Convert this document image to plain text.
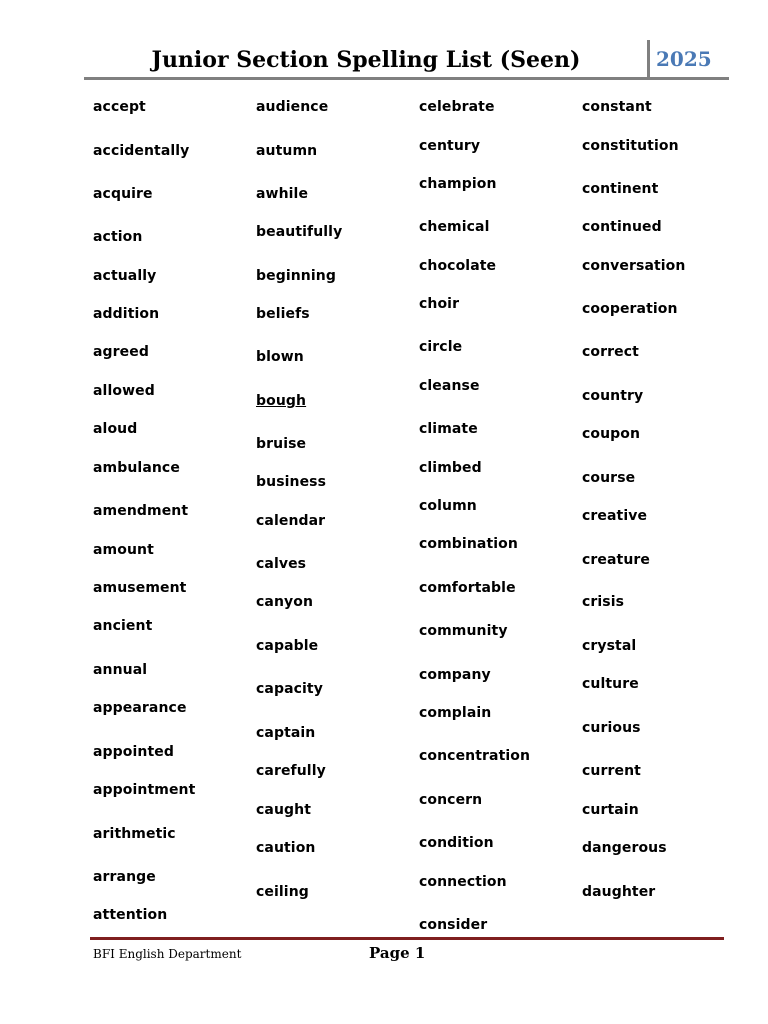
Junior Section Spelling List (Seen)	2025
accept
accidentally
acquire
action
actually
addition
agreed
allowed
aloud
ambulance
amendment
amount
amusement
ancient
annual
appearance
appointed
appointment
arithmetic
arrange
attention
audience
autumn
awhile
beautifully
beginning
beliefs
blown
bough
bruise
business
calendar
calves
canyon
capable
capacity
captain
carefully
caught
caution
ceiling
celebrate
century
champion
chemical
chocolate
choir
circle
cleanse
climate
climbed
column
combination
comfortable
community
company
complain
concentration
concern
condition
connection
consider
constant
constitution
continent
continued
conversation
cooperation
correct
country
coupon
course
creative
creature
crisis
crystal
culture
curious
current
curtain
dangerous
daughter
BFI English Department	Page 1
